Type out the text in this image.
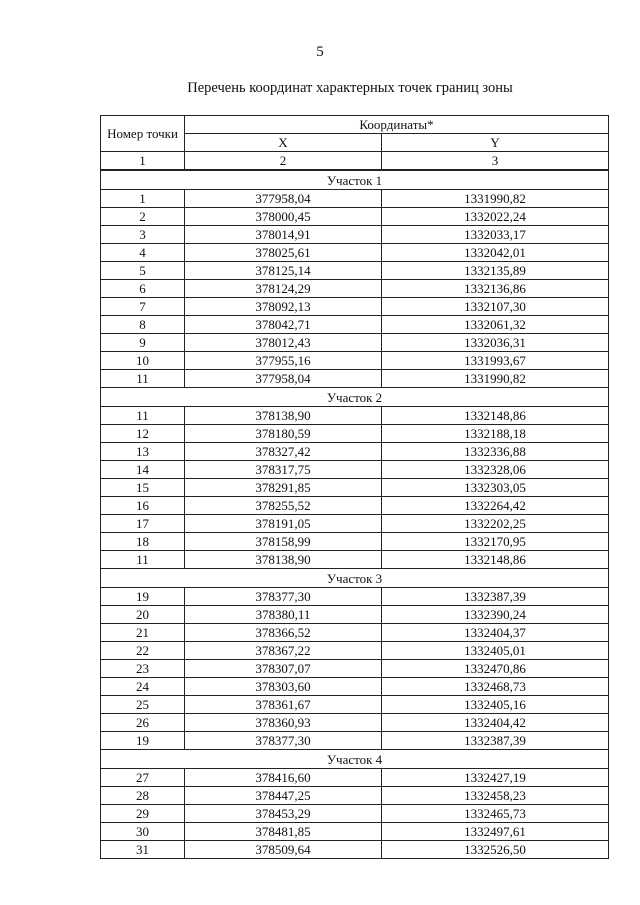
5
Перечень координат характерных точек границ зоны
Номер точки	Координаты*	
	X	Y
1	2	3
Участок 1		
1	377958,04	1331990,82
2	378000,45	1332022,24
3	378014,91	1332033,17
4	378025,61	1332042,01
5	378125,14	1332135,89
6	378124,29	1332136,86
7	378092,13	1332107,30
8	378042,71	1332061,32
9	378012,43	1332036,31
10	377955,16	1331993,67
11	377958,04	1331990,82
Участок 2		
11	378138,90	1332148,86
12	378180,59	1332188,18
13	378327,42	1332336,88
14	378317,75	1332328,06
15	378291,85	1332303,05
16	378255,52	1332264,42
17	378191,05	1332202,25
18	378158,99	1332170,95
11	378138,90	1332148,86
Участок 3		
19	378377,30	1332387,39
20	378380,11	1332390,24
21	378366,52	1332404,37
22	378367,22	1332405,01
23	378307,07	1332470,86
24	378303,60	1332468,73
25	378361,67	1332405,16
26	378360,93	1332404,42
19	378377,30	1332387,39
Участок 4		
27	378416,60	1332427,19
28	378447,25	1332458,23
29	378453,29	1332465,73
30	378481,85	1332497,61
31	378509,64	1332526,50
